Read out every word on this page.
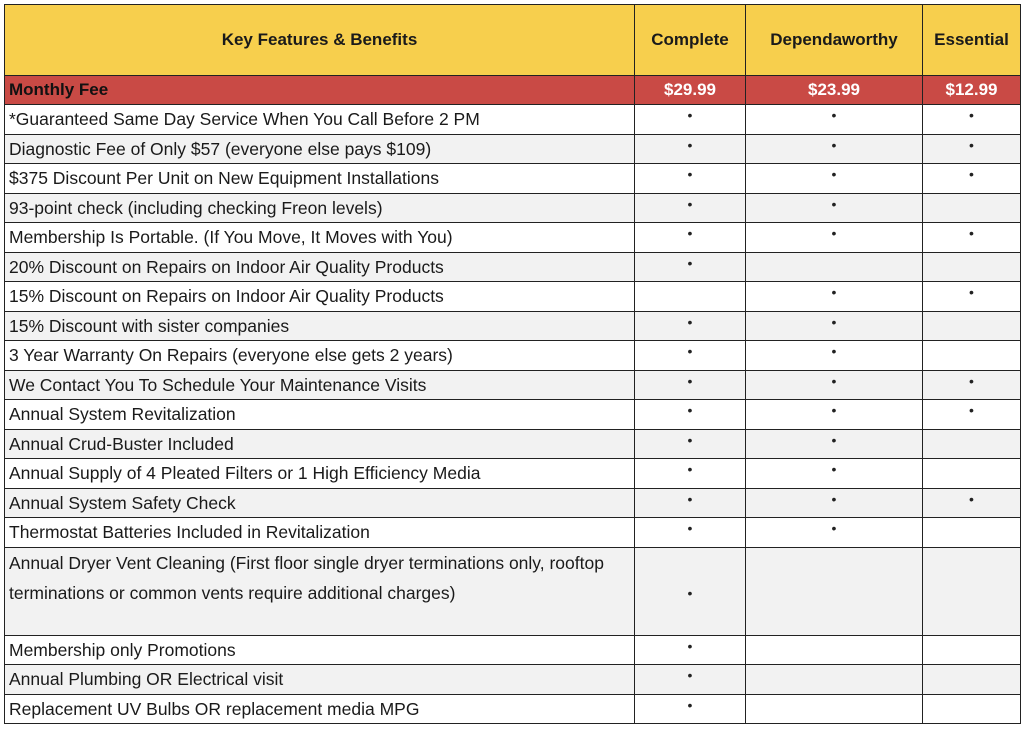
Key Features & Benefits	Complete	Dependaworthy	Essential
Monthly Fee	$29.99	$23.99	$12.99
*Guaranteed Same Day Service When You Call Before 2 PM	•	•	•
Diagnostic Fee of Only $57 (everyone else pays $109)	•	•	•
$375 Discount Per Unit on New Equipment Installations	•	•	•
93-point check (including checking Freon levels)	•	•	
Membership Is Portable. (If You Move, It Moves with You)	•	•	•
20% Discount on Repairs on Indoor Air Quality Products	•		
15% Discount on Repairs on Indoor Air Quality Products		•	•
15% Discount with sister companies	•	•	
3 Year Warranty On Repairs (everyone else gets 2 years)	•	•	
We Contact You To Schedule Your Maintenance Visits	•	•	•
Annual System Revitalization	•	•	•
Annual Crud-Buster Included	•	•	
Annual Supply of 4 Pleated Filters or 1 High Efficiency Media	•	•	
Annual System Safety Check	•	•	•
Thermostat Batteries Included in Revitalization	•	•	
Annual Dryer Vent Cleaning (First floor single dryer terminations only, rooftop terminations or common vents require additional charges)	•		
Membership only Promotions	•		
Annual Plumbing OR Electrical visit	•		
Replacement UV Bulbs OR replacement media MPG	•		
